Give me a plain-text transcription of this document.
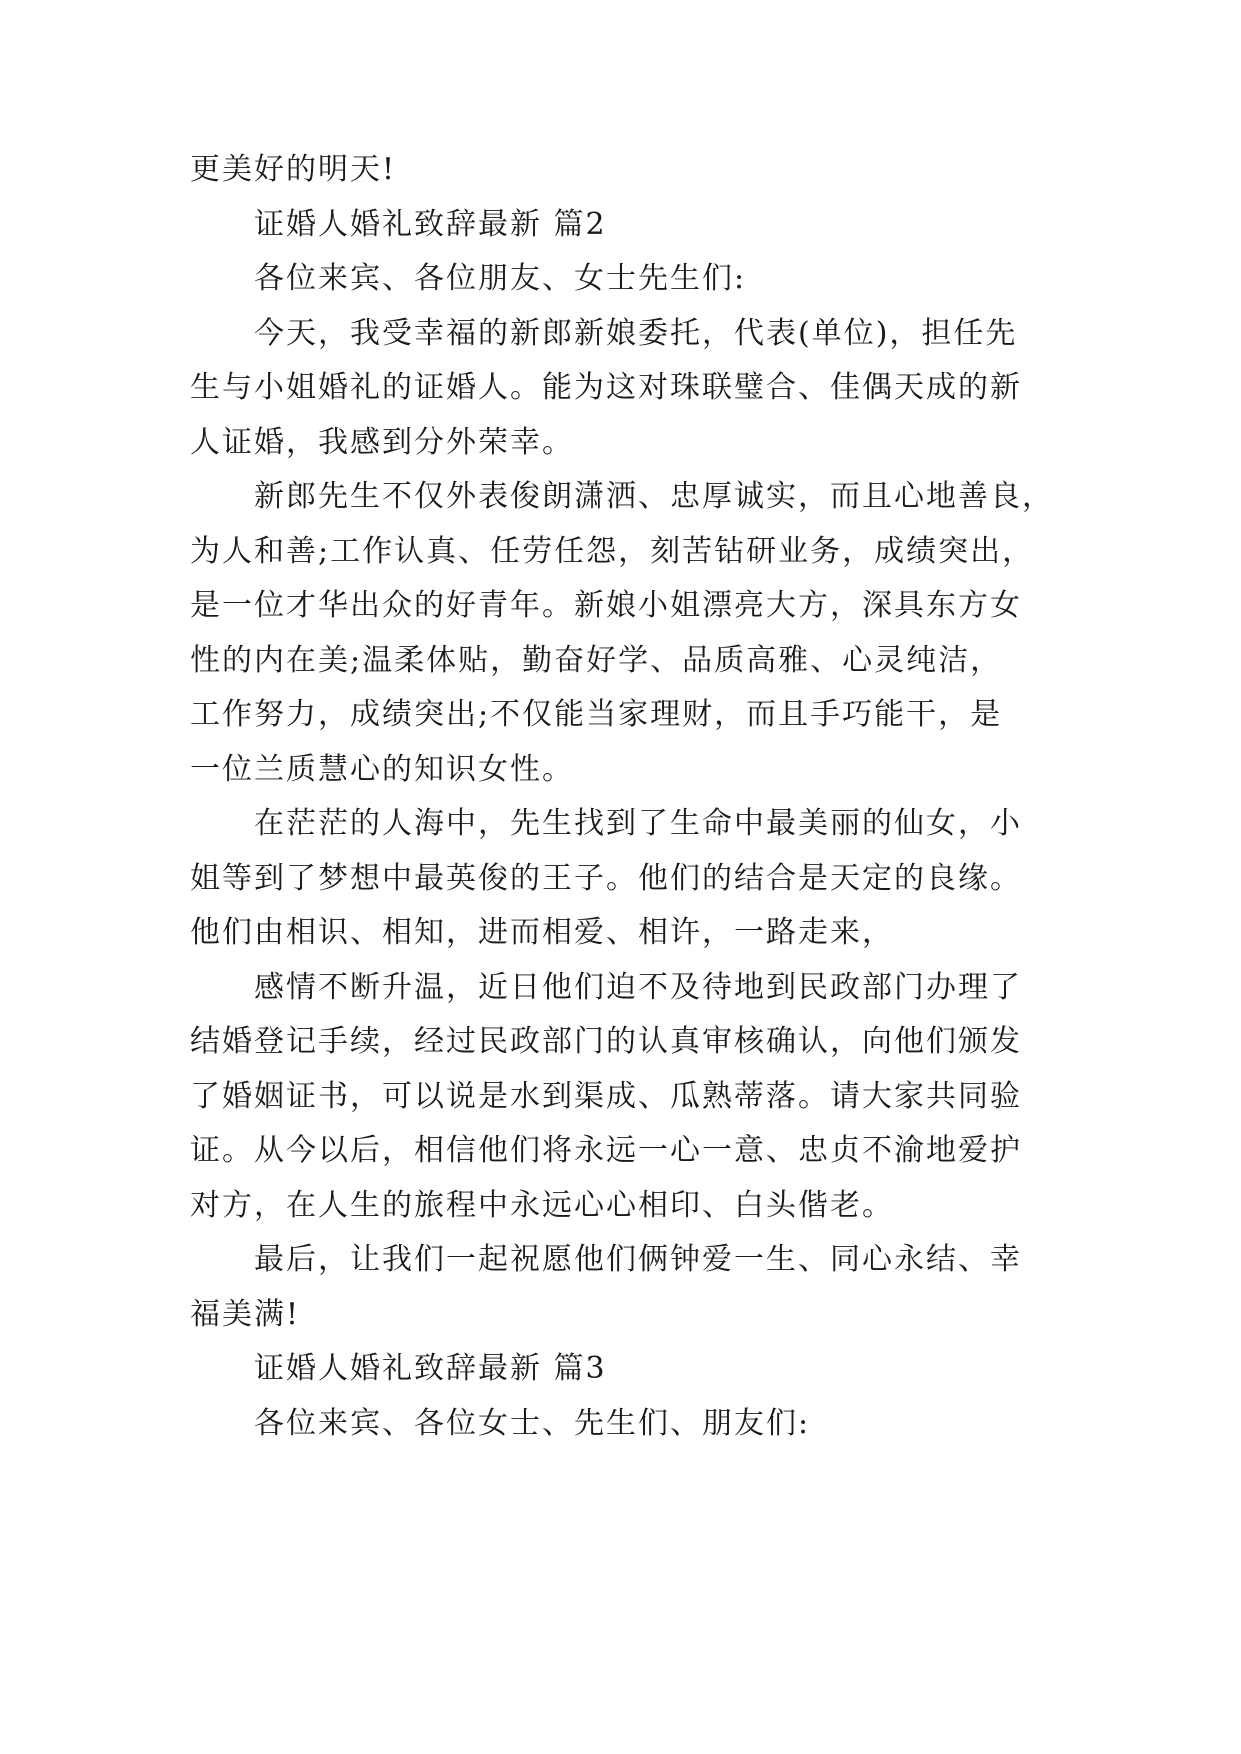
更美好的明天!
证婚人婚礼致辞最新 篇2
各位来宾、各位朋友、女士先生们:
今天，我受幸福的新郎新娘委托，代表(单位)，担任先
生与小姐婚礼的证婚人。能为这对珠联璧合、佳偶天成的新
人证婚，我感到分外荣幸。
新郎先生不仅外表俊朗潇洒、忠厚诚实，而且心地善良，
为人和善;工作认真、任劳任怨，刻苦钻研业务，成绩突出，
是一位才华出众的好青年。新娘小姐漂亮大方，深具东方女
性的内在美;温柔体贴，勤奋好学、品质高雅、心灵纯洁，
工作努力，成绩突出;不仅能当家理财，而且手巧能干，是
一位兰质慧心的知识女性。
在茫茫的人海中，先生找到了生命中最美丽的仙女，小
姐等到了梦想中最英俊的王子。他们的结合是天定的良缘。
他们由相识、相知，进而相爱、相许，一路走来，
感情不断升温，近日他们迫不及待地到民政部门办理了
结婚登记手续，经过民政部门的认真审核确认，向他们颁发
了婚姻证书，可以说是水到渠成、瓜熟蒂落。请大家共同验
证。从今以后，相信他们将永远一心一意、忠贞不渝地爱护
对方，在人生的旅程中永远心心相印、白头偕老。
最后，让我们一起祝愿他们俩钟爱一生、同心永结、幸
福美满!
证婚人婚礼致辞最新 篇3
各位来宾、各位女士、先生们、朋友们:
